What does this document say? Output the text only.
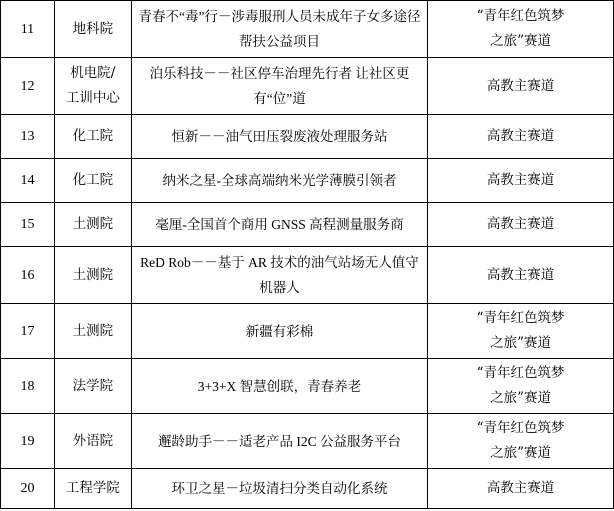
11	地科院	青春不“毒”行－涉毒服刑人员未成年子女多途径帮扶公益项目	“青年红色筑梦之旅”赛道
12	机电院/工训中心	泊乐科技－－社区停车治理先行者 让社区更有“位”道	高教主赛道
13	化工院	恒新－－油气田压裂废液处理服务站	高教主赛道
14	化工院	纳米之星-全球高端纳米光学薄膜引领者	高教主赛道
15	土测院	毫厘-全国首个商用 GNSS 高程测量服务商	高教主赛道
16	土测院	ReD Rob－－基于 AR 技术的油气站场无人值守机器人	高教主赛道
17	土测院	新疆有彩棉	“青年红色筑梦之旅”赛道
18	法学院	3+3+X 智慧创联，青春养老	“青年红色筑梦之旅”赛道
19	外语院	邂龄助手－－适老产品 I2C 公益服务平台	“青年红色筑梦之旅”赛道
20	工程学院	环卫之星－垃圾清扫分类自动化系统	高教主赛道
